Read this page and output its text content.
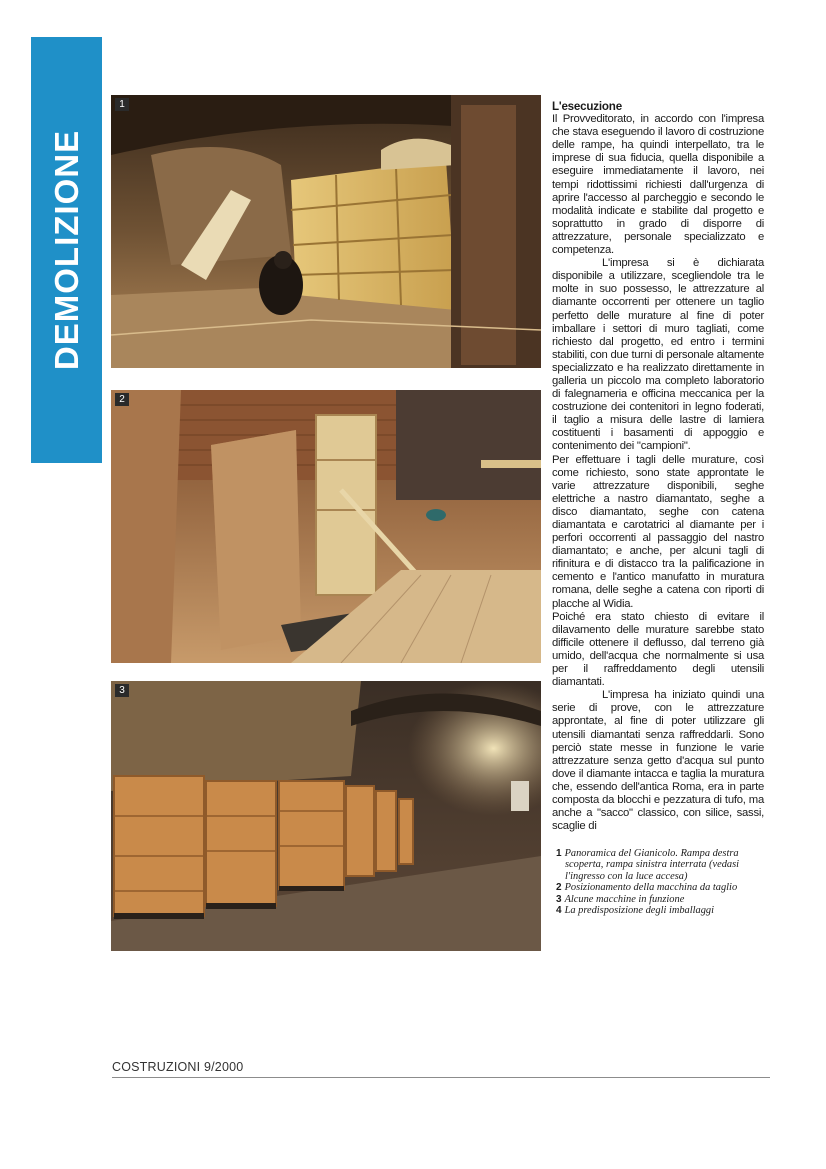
DEMOLIZIONE
1
2
3
L'esecuzione

Il Provveditorato, in accordo con l'impresa che stava eseguendo il lavoro di costruzione delle rampe, ha quindi interpellato, tra le imprese di sua fiducia, quella disponibile a eseguire immediatamente il lavoro, nei tempi ridottissimi richiesti dall'urgenza di aprire l'accesso al parcheggio e secondo le modalità indicate e stabilite dal progetto e soprattutto in grado di disporre di attrezzature, personale specializzato e competenza.

L'impresa si è dichiarata disponibile a utilizzare, scegliendole tra le molte in suo possesso, le attrezzature al diamante occorrenti per ottenere un taglio perfetto delle murature al fine di poter imballare i settori di muro tagliati, come richiesto dal progetto, ed entro i termini stabiliti, con due turni di personale altamente specializzato e ha realizzato direttamente in galleria un piccolo ma completo laboratorio di falegnameria e officina meccanica per la costruzione dei contenitori in legno foderati, il taglio a misura delle lastre di lamiera costituenti i basamenti di appoggio e contenimento dei "campioni".

Per effettuare i tagli delle murature, così come richiesto, sono state approntate le varie attrezzature disponibili, seghe elettriche a nastro diamantato, seghe a disco diamantato, seghe con catena diamantata e carotatrici al diamante per i perfori occorrenti al passaggio del nastro diamantato; e anche, per alcuni tagli di rifinitura e di distacco tra la palificazione in cemento e l'antico manufatto in muratura romana, delle seghe a catena con riporti di placche al Widia.

Poiché era stato chiesto di evitare il dilavamento delle murature sarebbe stato difficile ottenere il deflusso, dal terreno già umido, dell'acqua che normalmente si usa per il raffreddamento degli utensili diamantati.

L'impresa ha iniziato quindi una serie di prove, con le attrezzature approntate, al fine di poter utilizzare gli utensili diamantati senza raffreddarli. Sono perciò state messe in funzione le varie attrezzature senza getto d'acqua sul punto dove il diamante intacca e taglia la muratura che, essendo dell'antica Roma, era in parte composta da blocchi e pezzatura di tufo, ma anche a "sacco" classico, con silice, sassi, scaglie di

1 Panoramica del Gianicolo. Rampa destra scoperta, rampa sinistra interrata (vedasi l'ingresso con la luce accesa)

2 Posizionamento della macchina da taglio

3 Alcune macchine in funzione

4 La predisposizione degli imballaggi

COSTRUZIONI 9/2000
